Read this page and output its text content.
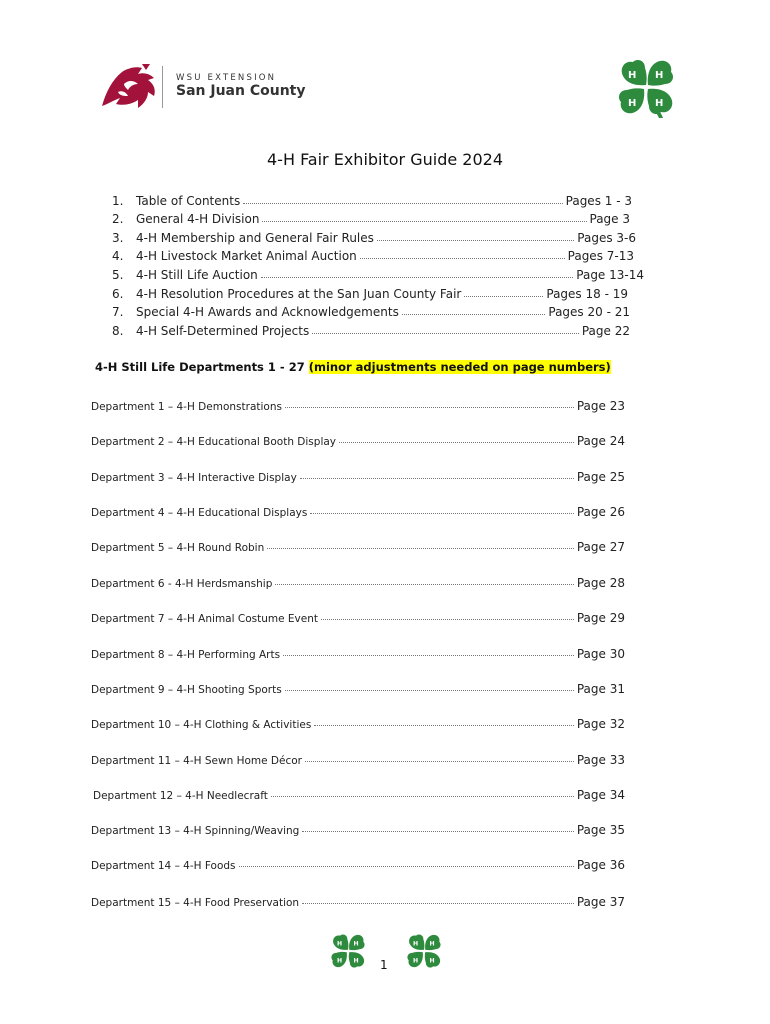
WSU EXTENSION
San Juan County
H H
H H
4-H Fair Exhibitor Guide 2024
1.	Table of Contents	Pages 1 - 3
2.	General 4-H Division	Page 3
3.	4-H Membership and General Fair Rules	Pages 3-6
4.	4-H Livestock Market Animal Auction	Pages 7-13
5.	4-H Still Life Auction	Page 13-14
6.	4-H Resolution Procedures at the San Juan County Fair	Pages 18 - 19
7.	Special 4-H Awards and Acknowledgements	Pages 20 - 21
8.	4-H Self-Determined Projects	Page 22
4-H Still Life Departments 1 - 27 (minor adjustments needed on page numbers)
Department 1 – 4-H Demonstrations	Page 23
Department 2 – 4-H Educational Booth Display	Page 24
Department 3 – 4-H Interactive Display	Page 25
Department 4 – 4-H Educational Displays	Page 26
Department 5 – 4-H Round Robin	Page 27
Department 6 - 4-H Herdsmanship	Page 28
Department 7 – 4-H Animal Costume Event	Page 29
Department 8 – 4-H Performing Arts	Page 30
Department 9 – 4-H Shooting Sports	Page 31
Department 10 – 4-H Clothing & Activities	Page 32
Department 11 – 4-H Sewn Home Décor	Page 33
Department 12 – 4-H Needlecraft	Page 34
Department 13 – 4-H Spinning/Weaving	Page 35
Department 14 – 4-H Foods	Page 36
Department 15 – 4-H Food Preservation	Page 37
H H
H H 1
H H
H H
